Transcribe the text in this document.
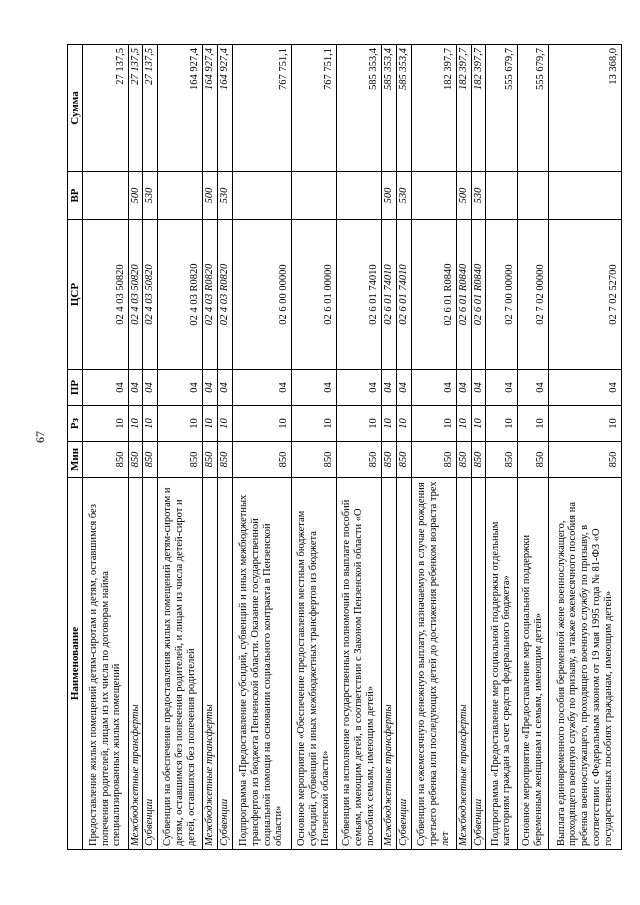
67
Наименование	Мин	Рз	ПР	ЦСР	ВР	Сумма
Предоставление жилых помещений детям-сиротам и детям, оставшимся без попечения родителей, лицам из их числа по договорам найма специализированных жилых помещений	850	10	04	02 4 03 50820		27 137,5
Межбюджетные трансферты	850	10	04	02 4 03 50820	500	27 137,5
Субвенции	850	10	04	02 4 03 50820	530	27 137,5
Субвенции на обеспечение предоставления жилых помещений детям-сиротам и детям, оставшимся без попечения родителей, и лицам из числа детей-сирот и детей, оставшихся без попечения родителей	850	10	04	02 4 03 R0820		164 927,4
Межбюджетные трансферты	850	10	04	02 4 03 R0820	500	164 927,4
Субвенции	850	10	04	02 4 03 R0820	530	164 927,4
Подпрограмма «Предоставление субсидий, субвенций и иных межбюджетных трансфертов из бюджета Пензенской области. Оказание государственной социальной помощи на основании социального контракта в Пензенской области»	850	10	04	02 6 00 00000		767 751,1
Основное мероприятие «Обеспечение предоставления местным бюджетам субсидий, субвенций и иных межбюджетных трансфертов из бюджета Пензенской области»	850	10	04	02 6 01 00000		767 751,1
Субвенции на исполнение государственных полномочий по выплате пособий семьям, имеющим детей, в соответствии с Законом Пензенской области «О пособиях семьям, имеющим детей»	850	10	04	02 6 01 74010		585 353,4
Межбюджетные трансферты	850	10	04	02 6 01 74010	500	585 353,4
Субвенции	850	10	04	02 6 01 74010	530	585 353,4
Субвенции на ежемесячную денежную выплату, назначаемую в случае рождения третьего ребенка или последующих детей до достижения ребенком возраста трех лет	850	10	04	02 6 01 R0840		182 397,7
Межбюджетные трансферты	850	10	04	02 6 01 R0840	500	182 397,7
Субвенции	850	10	04	02 6 01 R0840	530	182 397,7
Подпрограмма «Предоставление мер социальной поддержки отдельным категориям граждан за счет средств федерального бюджета»	850	10	04	02 7 00 00000		555 679,7
Основное мероприятие «Предоставление мер социальной поддержки беременным женщинам и семьям, имеющим детей»	850	10	04	02 7 02 00000		555 679,7
Выплата единовременного пособия беременной жене военнослужащего, проходящего военную службу по призыву, а также ежемесячного пособия на ребенка военнослужащего, проходящего военную службу по призыву, в соответствии с Федеральным законом от 19 мая 1995 года № 81-ФЗ «О государственных пособиях гражданам, имеющим детей»	850	10	04	02 7 02 52700		13 368,0
